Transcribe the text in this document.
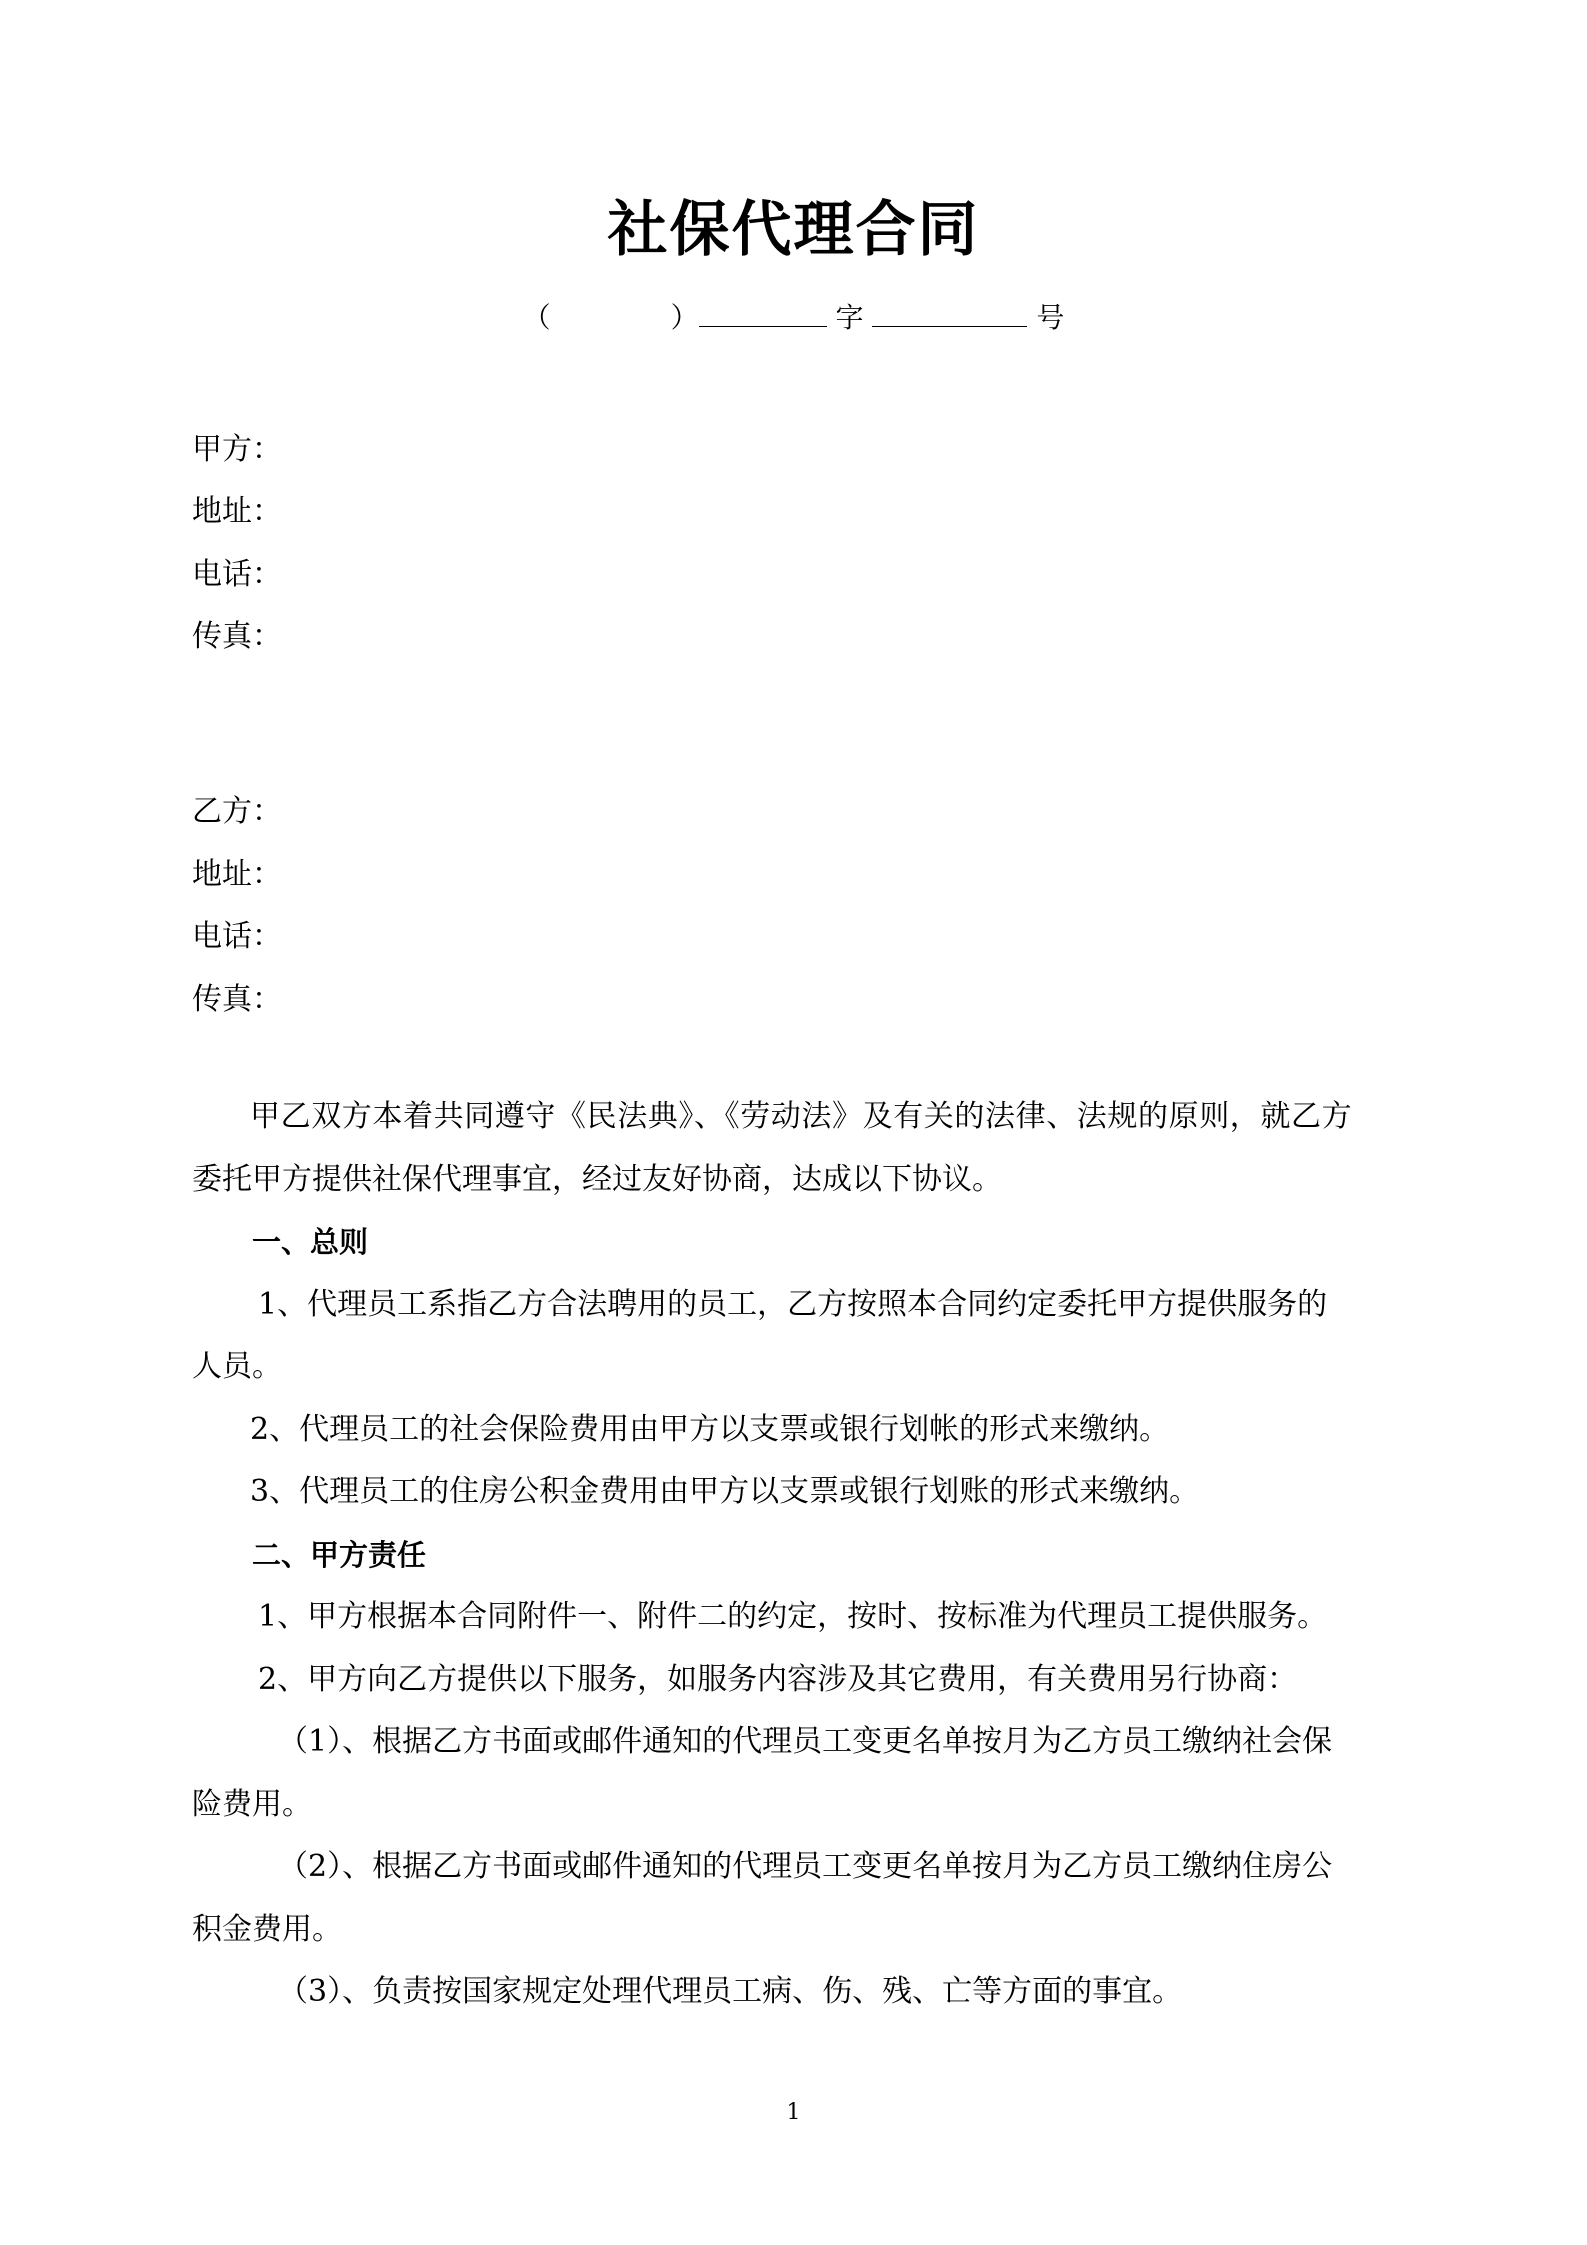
社保代理合同
（	）	字	号
甲方：
地址：
电话：
传真：
乙方：
地址：
电话：
传真：
甲乙双方本着共同遵守《民法典》、《劳动法》及有关的法律、法规的原则，就乙方
委托甲方提供社保代理事宜，经过友好协商，达成以下协议。
一、总则
1、代理员工系指乙方合法聘用的员工，乙方按照本合同约定委托甲方提供服务的
人员。
2、代理员工的社会保险费用由甲方以支票或银行划帐的形式来缴纳。
3、代理员工的住房公积金费用由甲方以支票或银行划账的形式来缴纳。
二、甲方责任
1、甲方根据本合同附件一、附件二的约定，按时、按标准为代理员工提供服务。
2、甲方向乙方提供以下服务，如服务内容涉及其它费用，有关费用另行协商：
（1）、根据乙方书面或邮件通知的代理员工变更名单按月为乙方员工缴纳社会保
险费用。
（2）、根据乙方书面或邮件通知的代理员工变更名单按月为乙方员工缴纳住房公
积金费用。
（3）、负责按国家规定处理代理员工病、伤、残、亡等方面的事宜。
1
